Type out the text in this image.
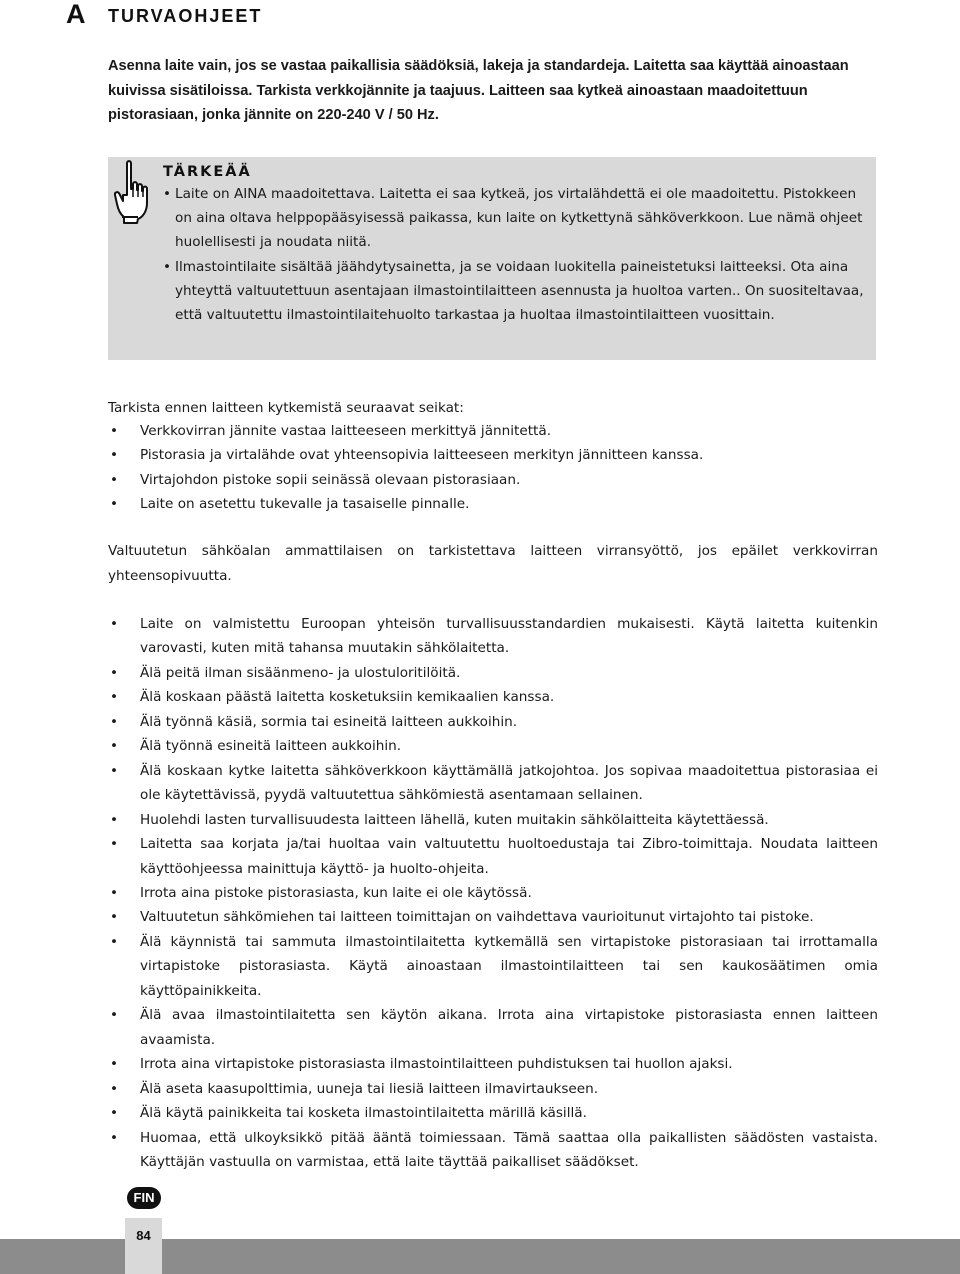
A TURVAOHJEET

Asenna laite vain, jos se vastaa paikallisia säädöksiä, lakeja ja standardeja. Laitetta saa käyttää ainoastaan kuivissa sisätiloissa. Tarkista verkkojännite ja taajuus. Laitteen saa kytkeä ainoastaan maadoitettuun pistorasiaan, jonka jännite on 220-240 V / 50 Hz.

TÄRKEÄÄ
• Laite on AINA maadoitettava. Laitetta ei saa kytkeä, jos virtalähdettä ei ole maadoitettu. Pistokkeen on aina oltava helppopääsyisessä paikassa, kun laite on kytkettynä sähköverkkoon. Lue nämä ohjeet huolellisesti ja noudata niitä.
• Ilmastointilaite sisältää jäähdytysainetta, ja se voidaan luokitella paineistetuksi laitteeksi. Ota aina yhteyttä valtuutettuun asentajaan ilmastointilaitteen asennusta ja huoltoa varten.. On suositeltavaa, että valtuutettu ilmastointilaitehuolto tarkastaa ja huoltaa ilmastointilaitteen vuosittain.

Tarkista ennen laitteen kytkemistä seuraavat seikat:

• Verkkovirran jännite vastaa laitteeseen merkittyä jännitettä.
• Pistorasia ja virtalähde ovat yhteensopivia laitteeseen merkityn jännitteen kanssa.
• Virtajohdon pistoke sopii seinässä olevaan pistorasiaan.
• Laite on asetettu tukevalle ja tasaiselle pinnalle.

Valtuutetun sähköalan ammattilaisen on tarkistettava laitteen virransyöttö, jos epäilet verkkovirran yhteensopivuutta.

• Laite on valmistettu Euroopan yhteisön turvallisuusstandardien mukaisesti. Käytä laitetta kuitenkin varovasti, kuten mitä tahansa muutakin sähkölaitetta.
• Älä peitä ilman sisäänmeno- ja ulostuloritilöitä.
• Älä koskaan päästä laitetta kosketuksiin kemikaalien kanssa.
• Älä työnnä käsiä, sormia tai esineitä laitteen aukkoihin.
• Älä työnnä esineitä laitteen aukkoihin.
• Älä koskaan kytke laitetta sähköverkkoon käyttämällä jatkojohtoa. Jos sopivaa maadoitettua pistorasiaa ei ole käytettävissä, pyydä valtuutettua sähkömiestä asentamaan sellainen.
• Huolehdi lasten turvallisuudesta laitteen lähellä, kuten muitakin sähkölaitteita käytettäessä.
• Laitetta saa korjata ja/tai huoltaa vain valtuutettu huoltoedustaja tai Zibro-toimittaja. Noudata laitteen käyttöohjeessa mainittuja käyttö- ja huolto-ohjeita.
• Irrota aina pistoke pistorasiasta, kun laite ei ole käytössä.
• Valtuutetun sähkömiehen tai laitteen toimittajan on vaihdettava vaurioitunut virtajohto tai pistoke.
• Älä käynnistä tai sammuta ilmastointilaitetta kytkemällä sen virtapistoke pistorasiaan tai irrottamalla virtapistoke pistorasiasta. Käytä ainoastaan ilmastointilaitteen tai sen kaukosäätimen omia käyttöpainikkeita.
• Älä avaa ilmastointilaitetta sen käytön aikana. Irrota aina virtapistoke pistorasiasta ennen laitteen avaamista.
• Irrota aina virtapistoke pistorasiasta ilmastointilaitteen puhdistuksen tai huollon ajaksi.
• Älä aseta kaasupolttimia, uuneja tai liesiä laitteen ilmavirtaukseen.
• Älä käytä painikkeita tai kosketa ilmastointilaitetta märillä käsillä.
• Huomaa, että ulkoyksikkö pitää ääntä toimiessaan. Tämä saattaa olla paikallisten säädösten vastaista. Käyttäjän vastuulla on varmistaa, että laite täyttää paikalliset säädökset.
FIN
84
